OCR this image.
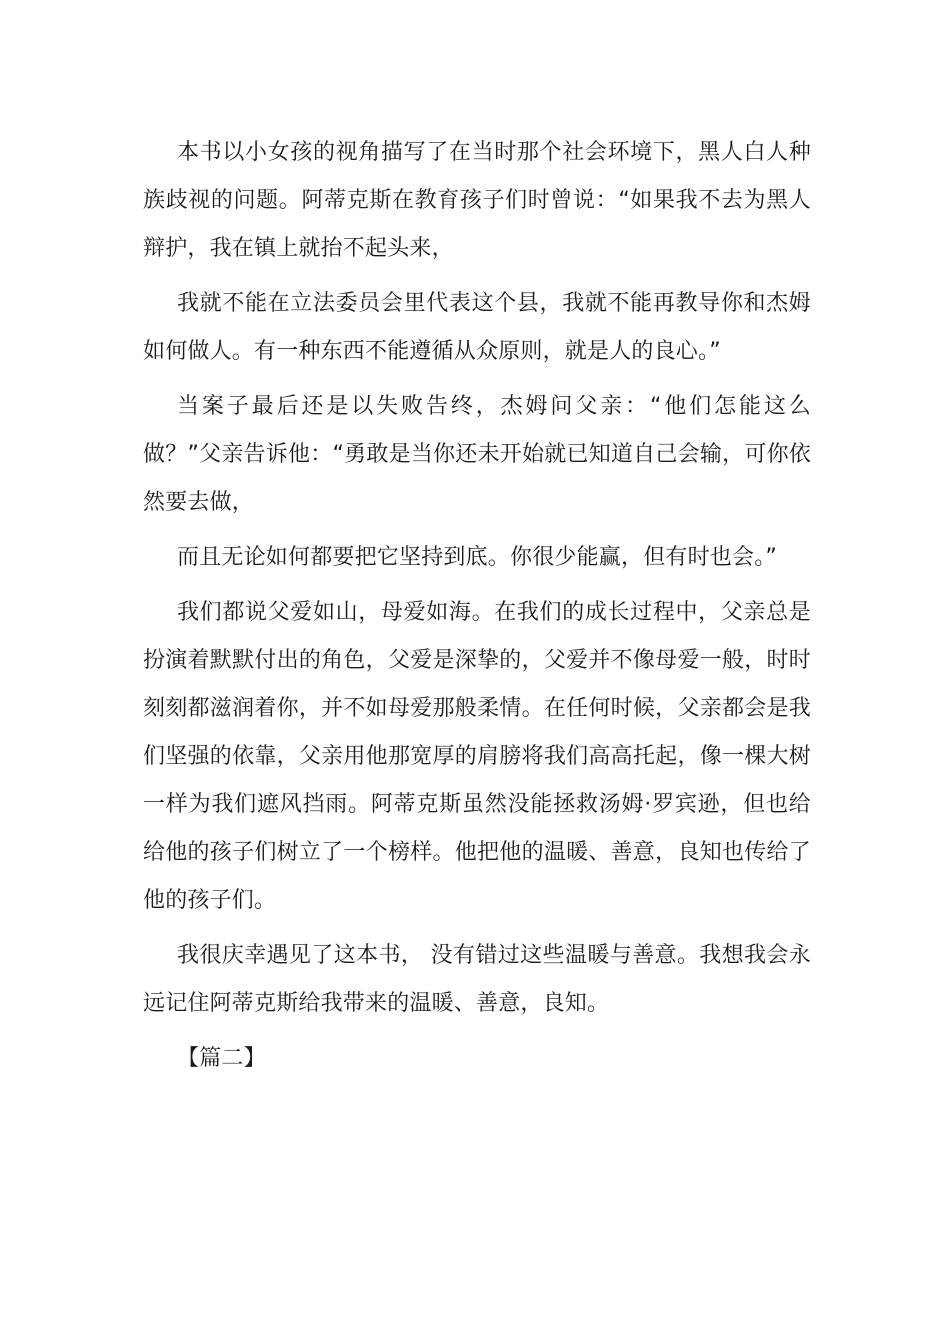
本书以小女孩的视角描写了在当时那个社会环境下，黑人白人种族歧视的问题。阿蒂克斯在教育孩子们时曾说：“如果我不去为黑人辩护，我在镇上就抬不起头来，

我就不能在立法委员会里代表这个县，我就不能再教导你和杰姆如何做人。有一种东西不能遵循从众原则，就是人的良心。”

当案子最后还是以失败告终，杰姆问父亲：“他们怎能这么做？”父亲告诉他：“勇敢是当你还未开始就已知道自己会输，可你依然要去做，

而且无论如何都要把它坚持到底。你很少能赢，但有时也会。”

我们都说父爱如山，母爱如海。在我们的成长过程中，父亲总是扮演着默默付出的角色，父爱是深挚的，父爱并不像母爱一般，时时刻刻都滋润着你，并不如母爱那般柔情。在任何时候，父亲都会是我们坚强的依靠，父亲用他那宽厚的肩膀将我们高高托起，像一棵大树一样为我们遮风挡雨。阿蒂克斯虽然没能拯救汤姆·罗宾逊，但也给给他的孩子们树立了一个榜样。他把他的温暖、善意，良知也传给了他的孩子们。

我很庆幸遇见了这本书， 没有错过这些温暖与善意。我想我会永远记住阿蒂克斯给我带来的温暖、善意，良知。

【篇二】
